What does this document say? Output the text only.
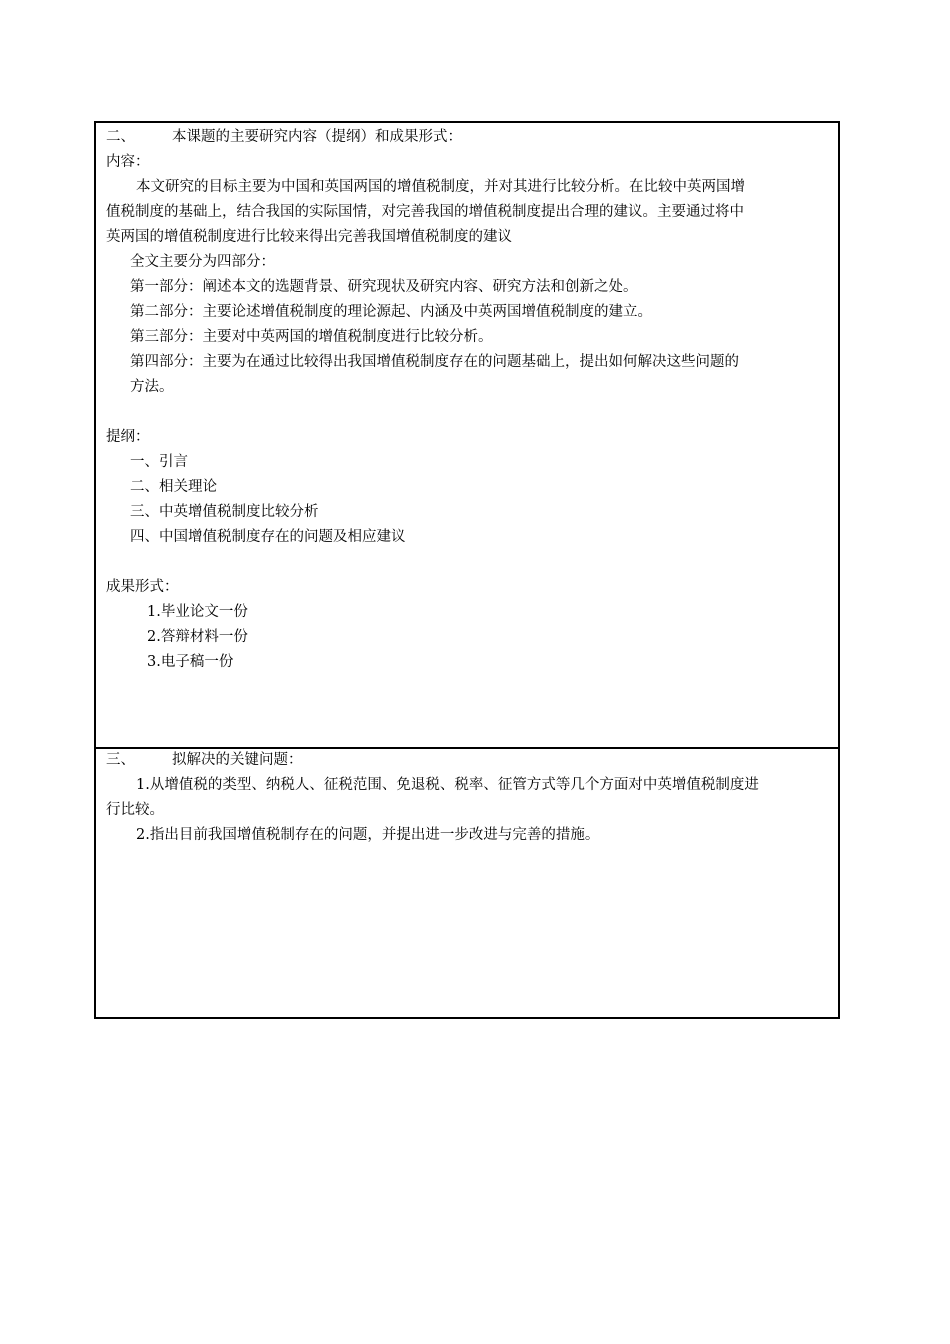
二、	本课题的主要研究内容（提纲）和成果形式：
内容：
本文研究的目标主要为中国和英国两国的增值税制度，并对其进行比较分析。在比较中英两国增
值税制度的基础上，结合我国的实际国情，对完善我国的增值税制度提出合理的建议。主要通过将中
英两国的增值税制度进行比较来得出完善我国增值税制度的建议
全文主要分为四部分：
第一部分：阐述本文的选题背景、研究现状及研究内容、研究方法和创新之处。
第二部分：主要论述增值税制度的理论源起、内涵及中英两国增值税制度的建立。
第三部分：主要对中英两国的增值税制度进行比较分析。
第四部分：主要为在通过比较得出我国增值税制度存在的问题基础上，提出如何解决这些问题的
方法。
提纲：
一、引言
二、相关理论
三、中英增值税制度比较分析
四、中国增值税制度存在的问题及相应建议
成果形式：
1.毕业论文一份
2.答辩材料一份
3.电子稿一份
三、	拟解决的关键问题：
1.从增值税的类型、纳税人、征税范围、免退税、税率、征管方式等几个方面对中英增值税制度进
行比较。
2.指出目前我国增值税制存在的问题，并提出进一步改进与完善的措施。
